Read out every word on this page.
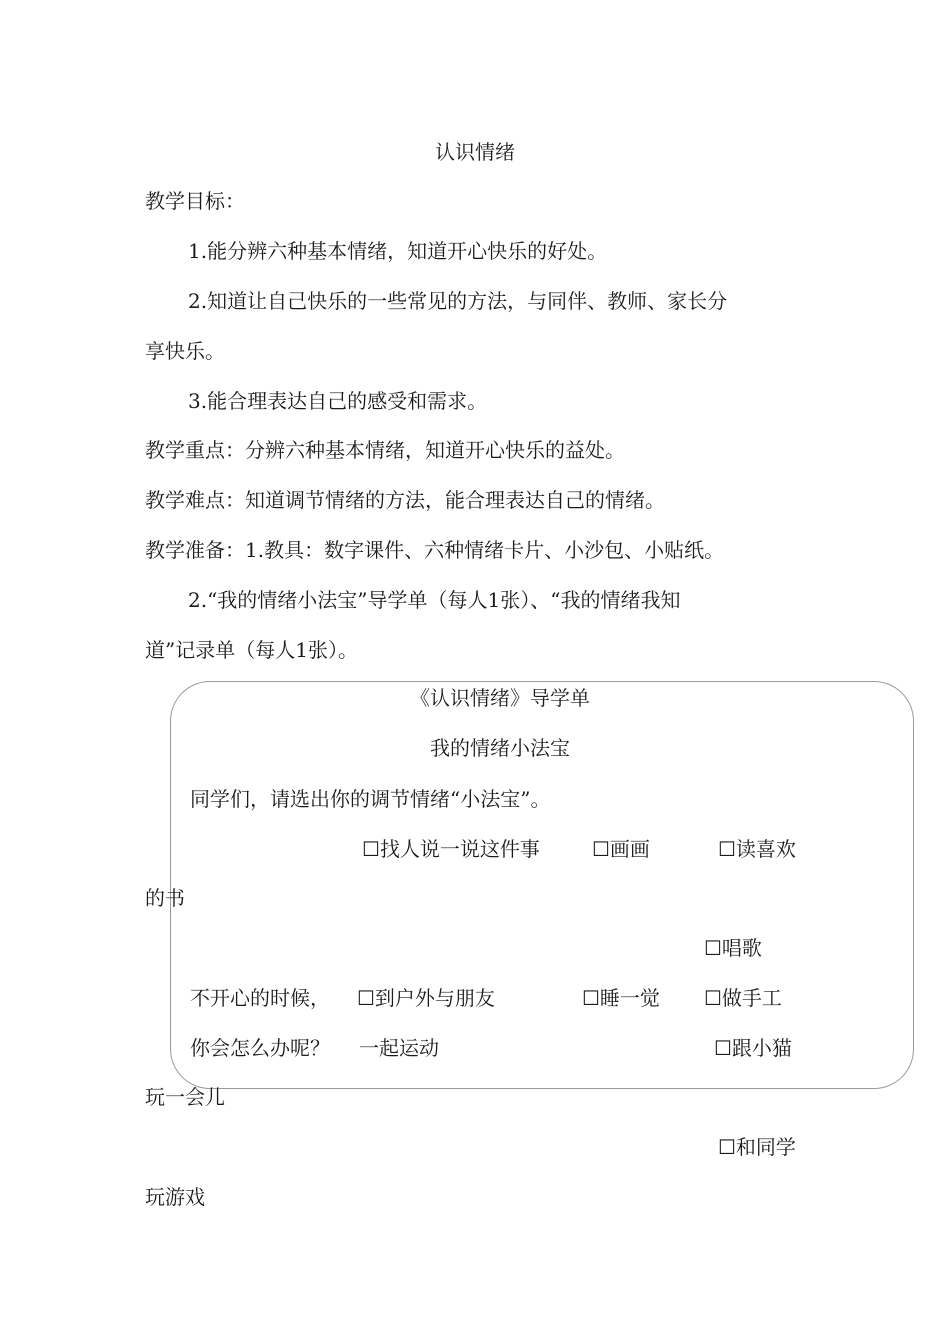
认识情绪
教学目标：
1.能分辨六种基本情绪，知道开心快乐的好处。
2.知道让自己快乐的一些常见的方法，与同伴、教师、家长分
享快乐。
3.能合理表达自己的感受和需求。
教学重点：分辨六种基本情绪，知道开心快乐的益处。
教学难点：知道调节情绪的方法，能合理表达自己的情绪。
教学准备：1.教具：数字课件、六种情绪卡片、小沙包、小贴纸。
2.“我的情绪小法宝”导学单（每人1张）、“我的情绪我知
道”记录单（每人1张）。
《认识情绪》导学单
我的情绪小法宝
同学们，请选出你的调节情绪“小法宝”。
☐找人说一说这件事	☐画画	☐读喜欢
的书
☐唱歌
不开心的时候， ☐到户外与朋友	☐睡一觉 ☐做手工
你会怎么办呢？ 一起运动	☐跟小猫
玩一会儿
☐和同学
玩游戏
